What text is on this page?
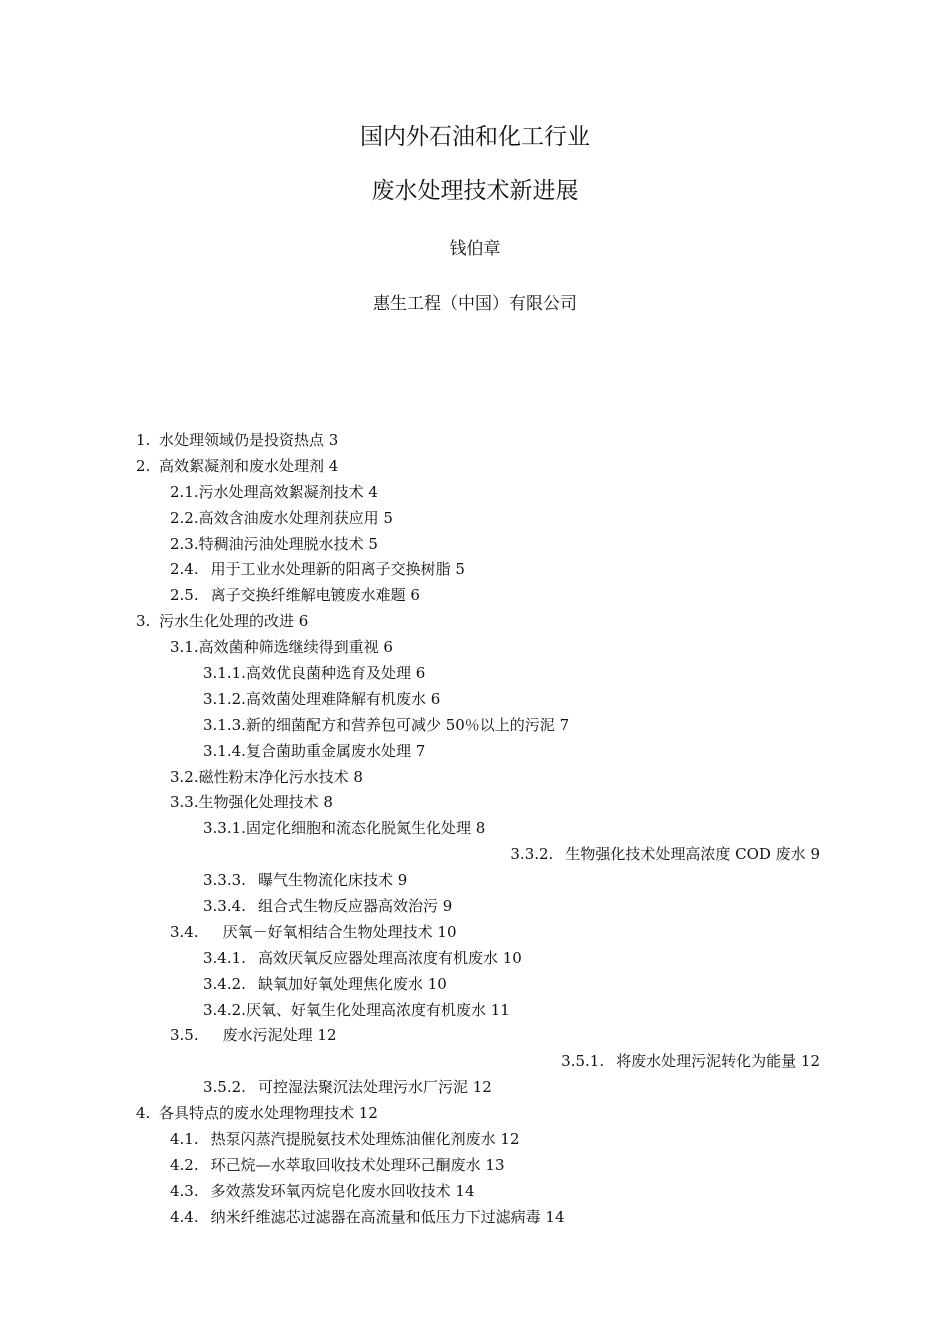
国内外石油和化工行业
废水处理技术新进展
钱伯章
惠生工程（中国）有限公司
1. 水处理领域仍是投资热点 3
2. 高效絮凝剂和废水处理剂 4
2.1.污水处理高效絮凝剂技术 4
2.2.高效含油废水处理剂获应用 5
2.3.特稠油污油处理脱水技术 5
2.4. 用于工业水处理新的阳离子交换树脂 5
2.5. 离子交换纤维解电镀废水难题 6
3. 污水生化处理的改进 6
3.1.高效菌种筛选继续得到重视 6
3.1.1.高效优良菌种选育及处理 6
3.1.2.高效菌处理难降解有机废水 6
3.1.3.新的细菌配方和营养包可减少 50％以上的污泥 7
3.1.4.复合菌助重金属废水处理 7
3.2.磁性粉末净化污水技术 8
3.3.生物强化处理技术 8
3.3.1.固定化细胞和流态化脱氮生化处理 8
3.3.2. 生物强化技术处理高浓度 COD 废水 9
3.3.3. 曝气生物流化床技术 9
3.3.4. 组合式生物反应器高效治污 9
3.4. 厌氧－好氧相结合生物处理技术 10
3.4.1. 高效厌氧反应器处理高浓度有机废水 10
3.4.2. 缺氧加好氧处理焦化废水 10
3.4.2.厌氧、好氧生化处理高浓度有机废水 11
3.5. 废水污泥处理 12
3.5.1. 将废水处理污泥转化为能量 12
3.5.2. 可控湿法聚沉法处理污水厂污泥 12
4. 各具特点的废水处理物理技术 12
4.1. 热泵闪蒸汽提脱氨技术处理炼油催化剂废水 12
4.2. 环己烷—水萃取回收技术处理环己酮废水 13
4.3. 多效蒸发环氧丙烷皂化废水回收技术 14
4.4. 纳米纤维滤芯过滤器在高流量和低压力下过滤病毒 14
